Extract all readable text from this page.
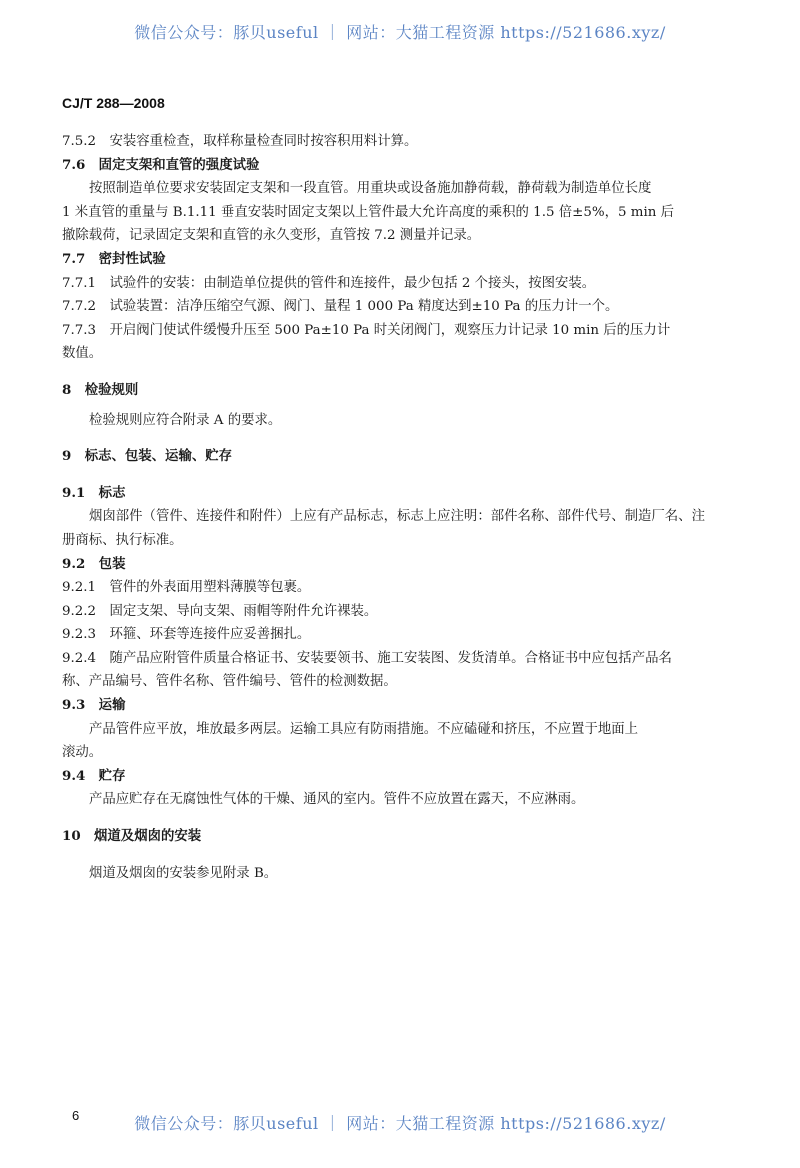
微信公众号：豚贝useful ｜ 网站：大猫工程资源 https://521686.xyz/
CJ/T 288—2008
7.5.2　安装容重检查，取样称量检查同时按容积用料计算。
7.6　固定支架和直管的强度试验
按照制造单位要求安装固定支架和一段直管。用重块或设备施加静荷载，静荷载为制造单位长度
1 米直管的重量与 B.1.11 垂直安装时固定支架以上管件最大允许高度的乘积的 1.5 倍±5%，5 min 后
撤除载荷，记录固定支架和直管的永久变形，直管按 7.2 测量并记录。
7.7　密封性试验
7.7.1　试验件的安装：由制造单位提供的管件和连接件，最少包括 2 个接头，按图安装。
7.7.2　试验装置：洁净压缩空气源、阀门、量程 1 000 Pa 精度达到±10 Pa 的压力计一个。
7.7.3　开启阀门使试件缓慢升压至 500 Pa±10 Pa 时关闭阀门，观察压力计记录 10 min 后的压力计
数值。
8　检验规则
检验规则应符合附录 A 的要求。
9　标志、包装、运输、贮存
9.1　标志
烟囱部件（管件、连接件和附件）上应有产品标志，标志上应注明：部件名称、部件代号、制造厂名、注
册商标、执行标准。
9.2　包装
9.2.1　管件的外表面用塑料薄膜等包裹。
9.2.2　固定支架、导向支架、雨帽等附件允许裸装。
9.2.3　环箍、环套等连接件应妥善捆扎。
9.2.4　随产品应附管件质量合格证书、安装要领书、施工安装图、发货清单。合格证书中应包括产品名
称、产品编号、管件名称、管件编号、管件的检测数据。
9.3　运输
产品管件应平放，堆放最多两层。运输工具应有防雨措施。不应磕碰和挤压，不应置于地面上
滚动。
9.4　贮存
产品应贮存在无腐蚀性气体的干燥、通风的室内。管件不应放置在露天，不应淋雨。
10　烟道及烟囱的安装
烟道及烟囱的安装参见附录 B。
6	微信公众号：豚贝useful ｜ 网站：大猫工程资源 https://521686.xyz/
